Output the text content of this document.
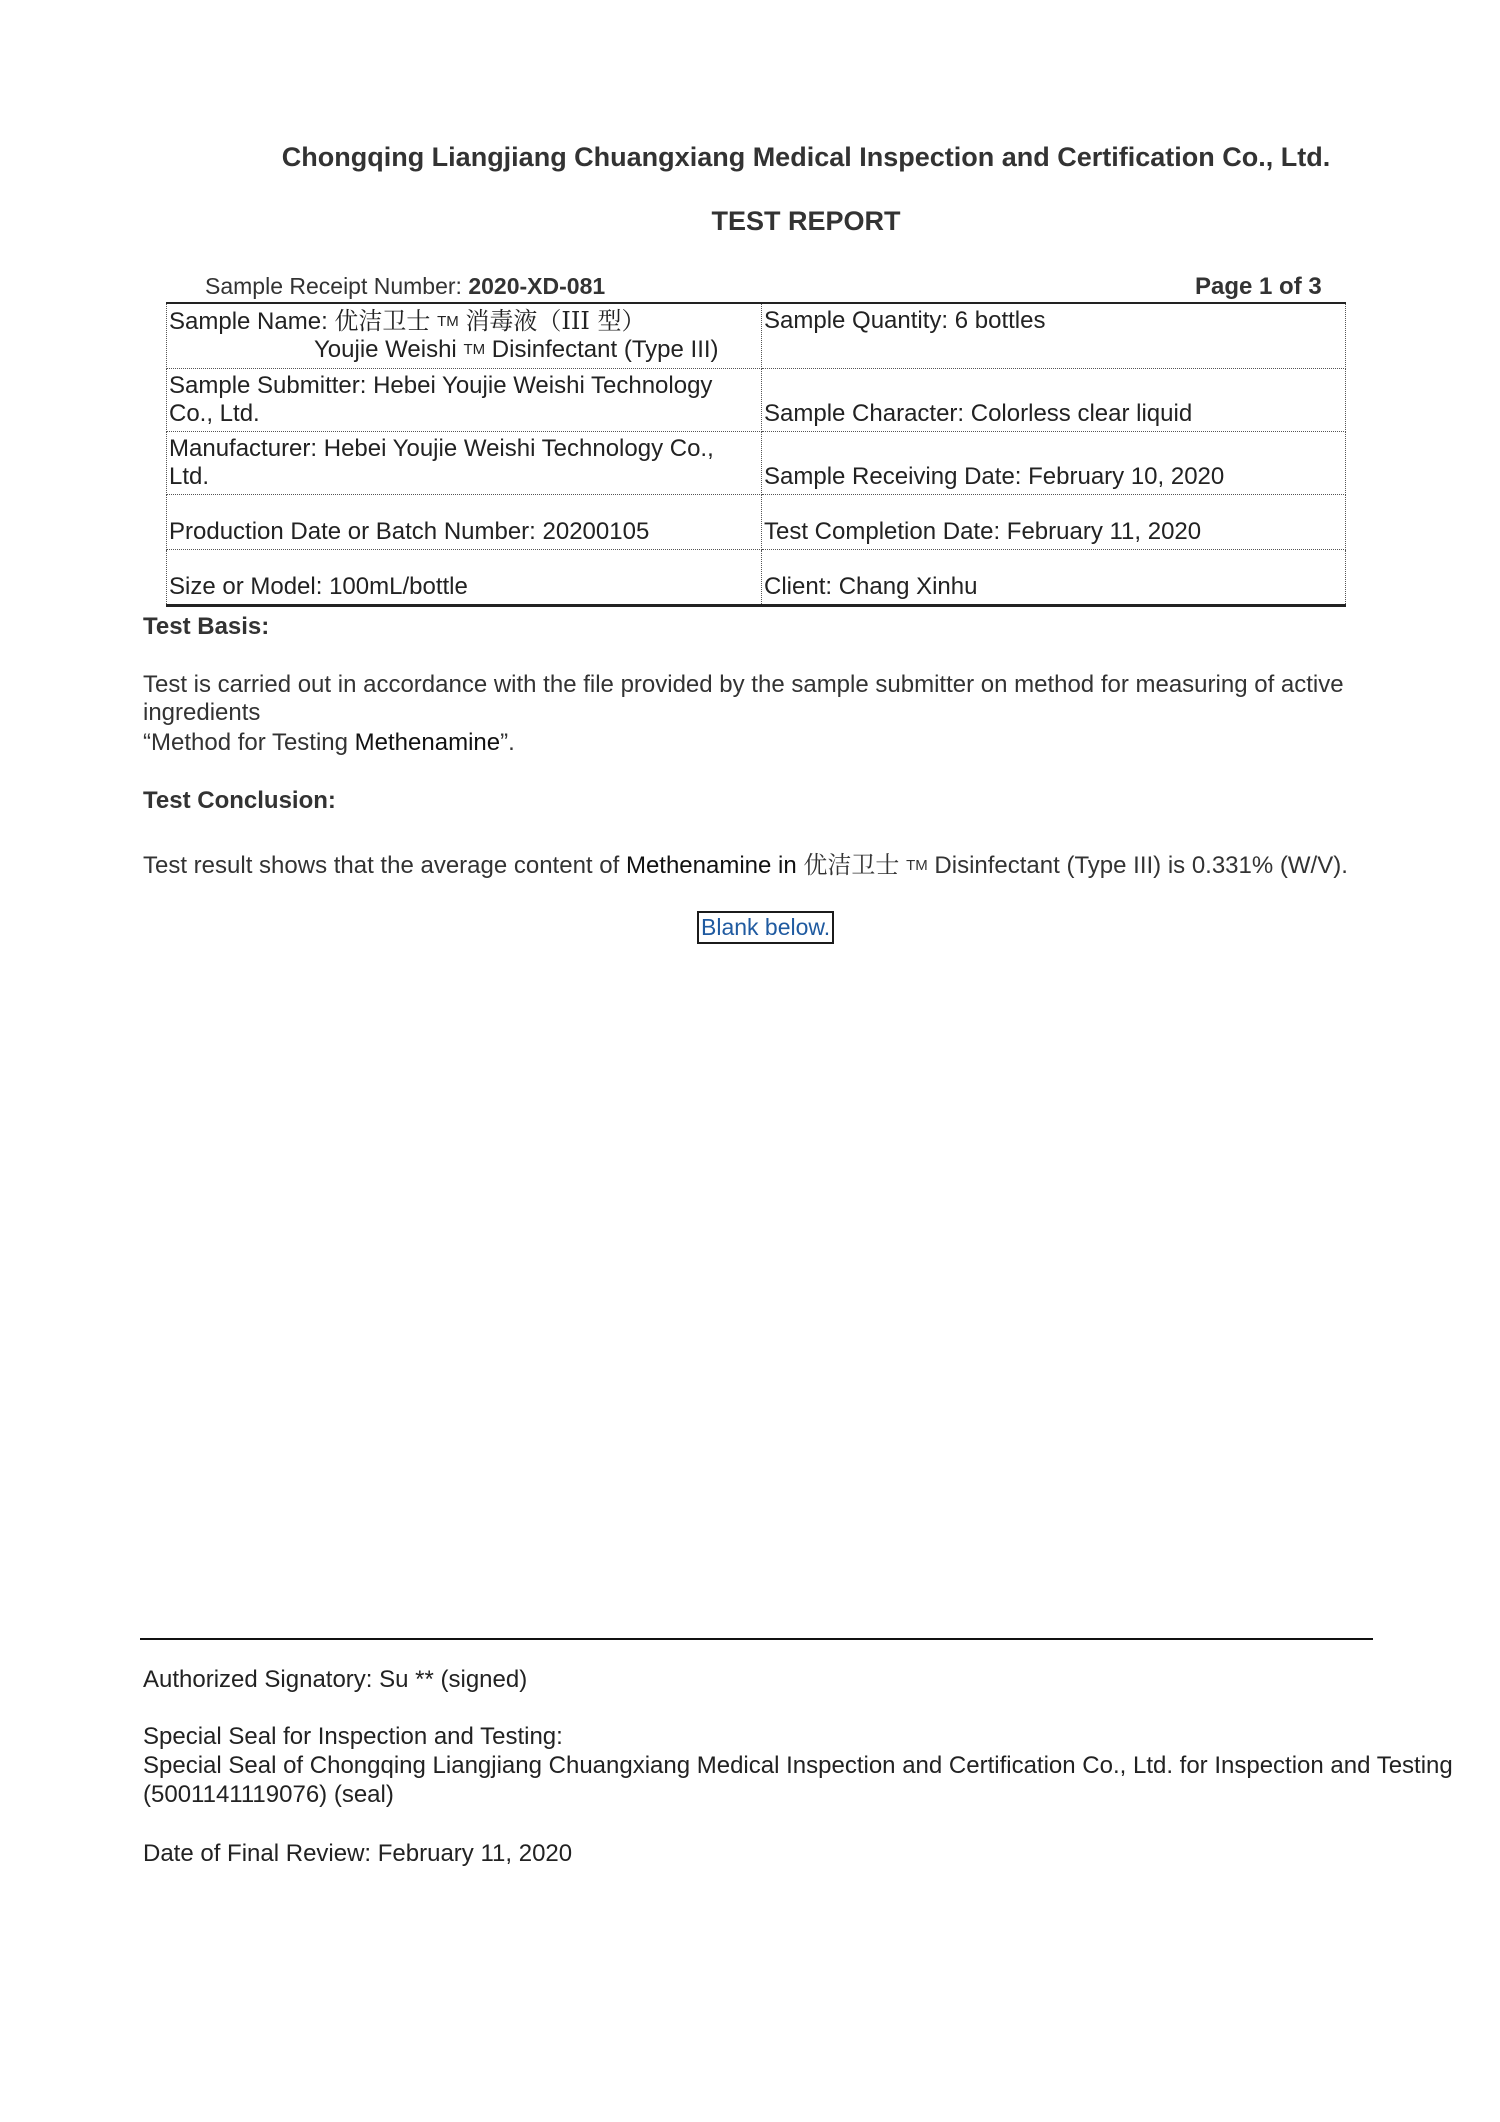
Chongqing Liangjiang Chuangxiang Medical Inspection and Certification Co., Ltd.
TEST REPORT
Sample Receipt Number: 2020-XD-081	Page 1 of 3
Sample Name: 优洁卫士 TM 消毒液（III 型）
Youjie Weishi TM Disinfectant (Type III)	Sample Quantity: 6 bottles
Sample Submitter: Hebei Youjie Weishi Technology Co., Ltd.	Sample Character: Colorless clear liquid
Manufacturer: Hebei Youjie Weishi Technology Co., Ltd.	Sample Receiving Date: February 10, 2020
Production Date or Batch Number: 20200105	Test Completion Date: February 11, 2020
Size or Model: 100mL/bottle	Client: Chang Xinhu
Test Basis:
Test is carried out in accordance with the file provided by the sample submitter on method for measuring of active ingredients
“Method for Testing Methenamine”.
Test Conclusion:
Test result shows that the average content of Methenamine in 优洁卫士 TM Disinfectant (Type III) is 0.331% (W/V).
Blank below.
Authorized Signatory: Su ** (signed)
Special Seal for Inspection and Testing:
Special Seal of Chongqing Liangjiang Chuangxiang Medical Inspection and Certification Co., Ltd. for Inspection and Testing
(5001141119076) (seal)
Date of Final Review: February 11, 2020
